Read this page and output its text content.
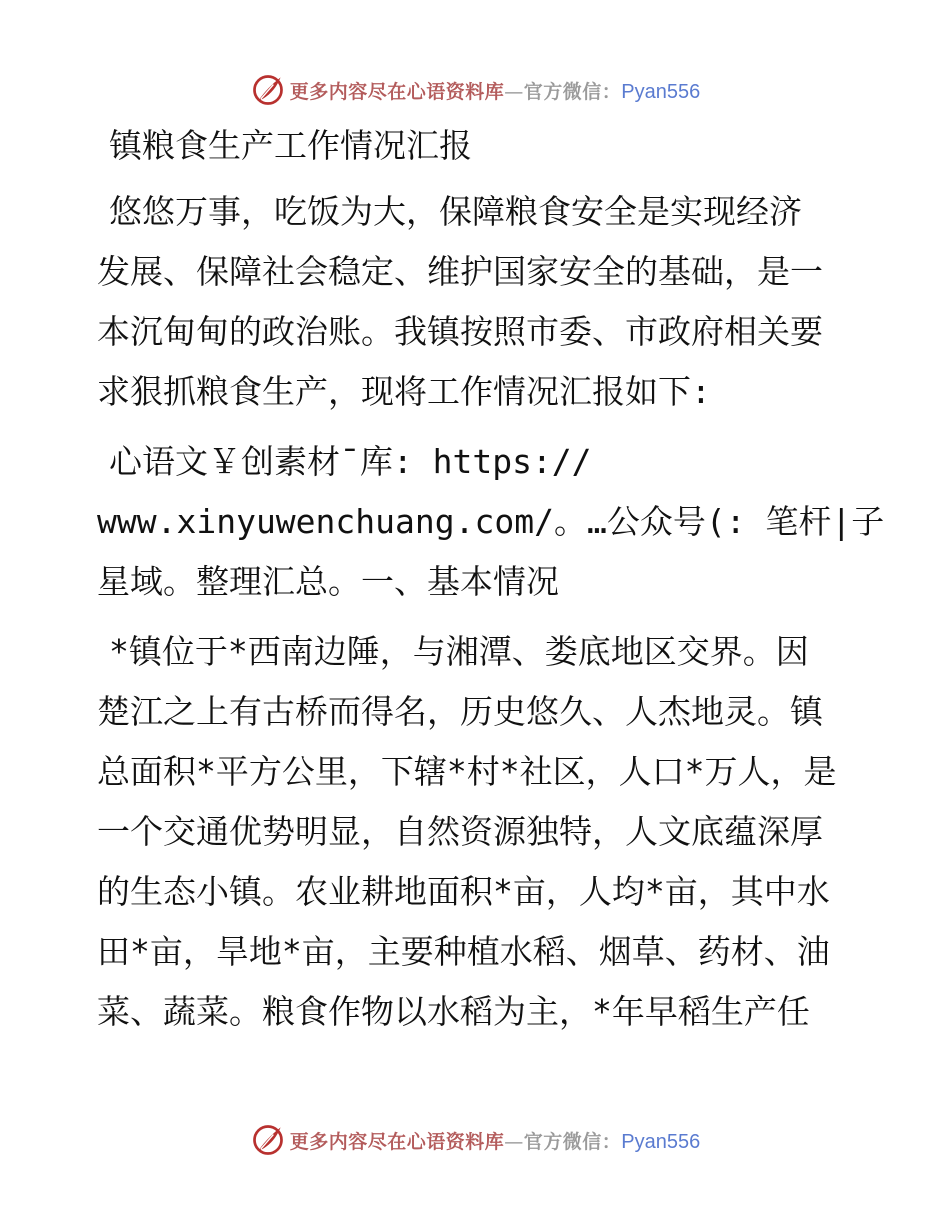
更多内容尽在心语资料库—官方微信：Pyan556
镇粮食生产工作情况汇报
悠悠万事，吃饭为大，保障粮食安全是实现经济
发展、保障社会稳定、维护国家安全的基础，是一
本沉甸甸的政治账。我镇按照市委、市政府相关要
求狠抓粮食生产，现将工作情况汇报如下:
心语文￥创素材¯库: https://
www.xinyuwenchuang.com/。…公众号(: 笔杆|子
星域。整理汇总。一、基本情况
*镇位于*西南边陲，与湘潭、娄底地区交界。因
楚江之上有古桥而得名，历史悠久、人杰地灵。镇
总面积*平方公里，下辖*村*社区，人口*万人，是
一个交通优势明显，自然资源独特，人文底蕴深厚
的生态小镇。农业耕地面积*亩，人均*亩，其中水
田*亩，旱地*亩，主要种植水稻、烟草、药材、油
菜、蔬菜。粮食作物以水稻为主，*年早稻生产任
更多内容尽在心语资料库—官方微信：Pyan556
